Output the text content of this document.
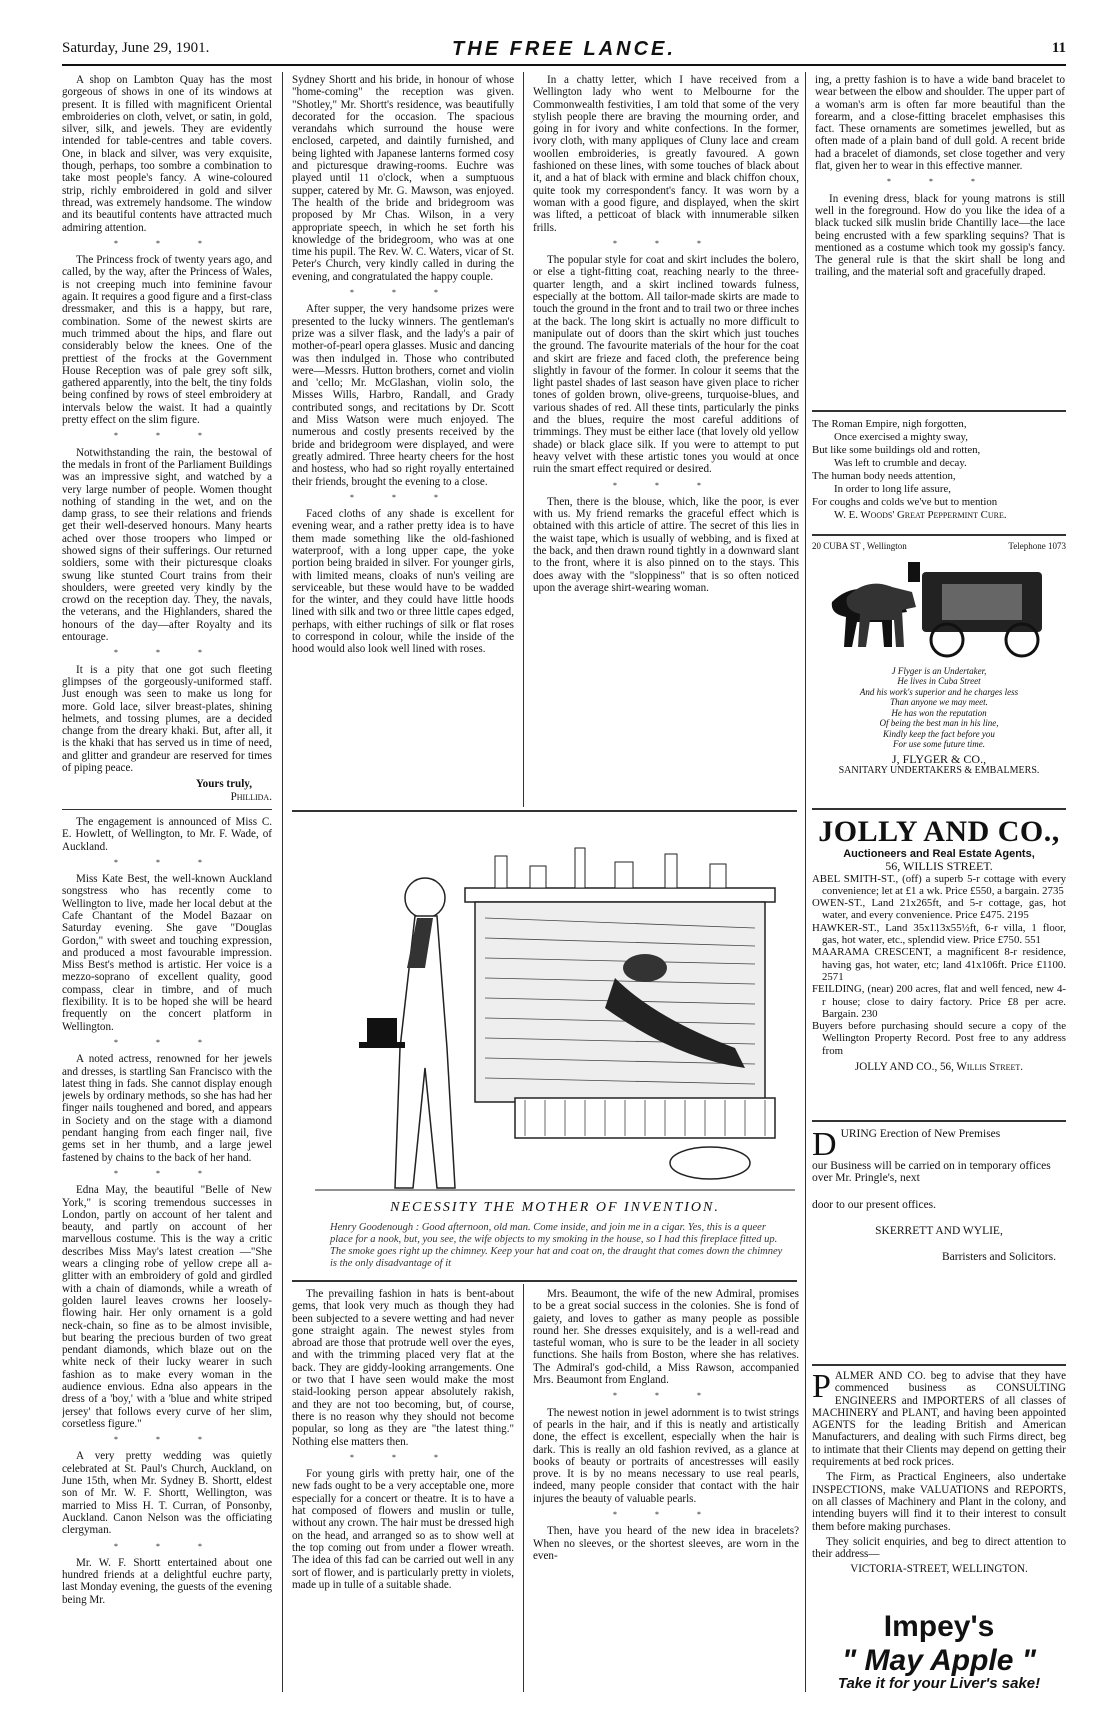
Saturday, June 29, 1901.	THE FREE LANCE.	11

A shop on Lambton Quay has the most gorgeous of shows in one of its windows at present. It is filled with magnificent Oriental embroideries on cloth, velvet, or satin, in gold, silver, silk, and jewels. They are evidently intended for table-centres and table covers. One, in black and silver, was very exquisite, though, perhaps, too sombre a combination to take most people's fancy. A wine-coloured strip, richly embroidered in gold and silver thread, was extremely handsome. The window and its beautiful contents have attracted much admiring attention.

* * *

The Princess frock of twenty years ago, and called, by the way, after the Princess of Wales, is not creeping much into feminine favour again. It requires a good figure and a first-class dressmaker, and this is a happy, but rare, combination. Some of the newest skirts are much trimmed about the hips, and flare out considerably below the knees. One of the prettiest of the frocks at the Government House Reception was of pale grey soft silk, gathered apparently, into the belt, the tiny folds being confined by rows of steel embroidery at intervals below the waist. It had a quaintly pretty effect on the slim figure.

* * *

Notwithstanding the rain, the bestowal of the medals in front of the Parliament Buildings was an impressive sight, and watched by a very large number of people. Women thought nothing of standing in the wet, and on the damp grass, to see their relations and friends get their well-deserved honours. Many hearts ached over those troopers who limped or showed signs of their sufferings. Our returned soldiers, some with their picturesque cloaks swung like stunted Court trains from their shoulders, were greeted very kindly by the crowd on the reception day. They, the navals, the veterans, and the Highlanders, shared the honours of the day—after Royalty and its entourage.

* * *

It is a pity that one got such fleeting glimpses of the gorgeously-uniformed staff. Just enough was seen to make us long for more. Gold lace, silver breast-plates, shining helmets, and tossing plumes, are a decided change from the dreary khaki. But, after all, it is the khaki that has served us in time of need, and glitter and grandeur are reserved for times of piping peace.

Yours truly,
Phillida.

The engagement is announced of Miss C. E. Howlett, of Wellington, to Mr. F. Wade, of Auckland.

* * *

Miss Kate Best, the well-known Auckland songstress who has recently come to Wellington to live, made her local debut at the Cafe Chantant of the Model Bazaar on Saturday evening. She gave "Douglas Gordon," with sweet and touching expression, and produced a most favourable impression. Miss Best's method is artistic. Her voice is a mezzo-soprano of excellent quality, good compass, clear in timbre, and of much flexibility. It is to be hoped she will be heard frequently on the concert platform in Wellington.

* * *

A noted actress, renowned for her jewels and dresses, is startling San Francisco with the latest thing in fads. She cannot display enough jewels by ordinary methods, so she has had her finger nails toughened and bored, and appears in Society and on the stage with a diamond pendant hanging from each finger nail, five gems set in her thumb, and a large jewel fastened by chains to the back of her hand.

* * *

Edna May, the beautiful "Belle of New York," is scoring tremendous successes in London, partly on account of her talent and beauty, and partly on account of her marvellous costume. This is the way a critic describes Miss May's latest creation —"She wears a clinging robe of yellow crepe all a-glitter with an embroidery of gold and girdled with a chain of diamonds, while a wreath of golden laurel leaves crowns her loosely-flowing hair. Her only ornament is a gold neck-chain, so fine as to be almost invisible, but bearing the precious burden of two great pendant diamonds, which blaze out on the white neck of their lucky wearer in such fashion as to make every woman in the audience envious. Edna also appears in the dress of a 'boy,' with a 'blue and white striped jersey' that follows every curve of her slim, corsetless figure."

* * *

A very pretty wedding was quietly celebrated at St. Paul's Church, Auckland, on June 15th, when Mr. Sydney B. Shortt, eldest son of Mr. W. F. Shortt, Wellington, was married to Miss H. T. Curran, of Ponsonby, Auckland. Canon Nelson was the officiating clergyman.

* * *

Mr. W. F. Shortt entertained about one hundred friends at a delightful euchre party, last Monday evening, the guests of the evening being Mr.

Sydney Shortt and his bride, in honour of whose "home-coming" the reception was given. "Shotley," Mr. Shortt's residence, was beautifully decorated for the occasion. The spacious verandahs which surround the house were enclosed, carpeted, and daintily furnished, and being lighted with Japanese lanterns formed cosy and picturesque drawing-rooms. Euchre was played until 11 o'clock, when a sumptuous supper, catered by Mr. G. Mawson, was enjoyed. The health of the bride and bridegroom was proposed by Mr Chas. Wilson, in a very appropriate speech, in which he set forth his knowledge of the bridegroom, who was at one time his pupil. The Rev. W. C. Waters, vicar of St. Peter's Church, very kindly called in during the evening, and congratulated the happy couple.

* * *

After supper, the very handsome prizes were presented to the lucky winners. The gentleman's prize was a silver flask, and the lady's a pair of mother-of-pearl opera glasses. Music and dancing was then indulged in. Those who contributed were—Messrs. Hutton brothers, cornet and violin and 'cello; Mr. McGlashan, violin solo, the Misses Wills, Harbro, Randall, and Grady contributed songs, and recitations by Dr. Scott and Miss Watson were much enjoyed. The numerous and costly presents received by the bride and bridegroom were displayed, and were greatly admired. Three hearty cheers for the host and hostess, who had so right royally entertained their friends, brought the evening to a close.

* * *

Faced cloths of any shade is excellent for evening wear, and a rather pretty idea is to have them made something like the old-fashioned waterproof, with a long upper cape, the yoke portion being braided in silver. For younger girls, with limited means, cloaks of nun's veiling are serviceable, but these would have to be wadded for the winter, and they could have little hoods lined with silk and two or three little capes edged, perhaps, with either ruchings of silk or flat roses to correspond in colour, while the inside of the hood would also look well lined with roses.

In a chatty letter, which I have received from a Wellington lady who went to Melbourne for the Commonwealth festivities, I am told that some of the very stylish people there are braving the mourning order, and going in for ivory and white confections. In the former, ivory cloth, with many appliques of Cluny lace and cream woollen embroideries, is greatly favoured. A gown fashioned on these lines, with some touches of black about it, and a hat of black with ermine and black chiffon choux, quite took my correspondent's fancy. It was worn by a woman with a good figure, and displayed, when the skirt was lifted, a petticoat of black with innumerable silken frills.

* * *

The popular style for coat and skirt includes the bolero, or else a tight-fitting coat, reaching nearly to the three-quarter length, and a skirt inclined towards fulness, especially at the bottom. All tailor-made skirts are made to touch the ground in the front and to trail two or three inches at the back. The long skirt is actually no more difficult to manipulate out of doors than the skirt which just touches the ground. The favourite materials of the hour for the coat and skirt are frieze and faced cloth, the preference being slightly in favour of the former. In colour it seems that the light pastel shades of last season have given place to richer tones of golden brown, olive-greens, turquoise-blues, and various shades of red. All these tints, particularly the pinks and the blues, require the most careful additions of trimmings. They must be either lace (that lovely old yellow shade) or black glace silk. If you were to attempt to put heavy velvet with these artistic tones you would at once ruin the smart effect required or desired.

* * *

Then, there is the blouse, which, like the poor, is ever with us. My friend remarks the graceful effect which is obtained with this article of attire. The secret of this lies in the waist tape, which is usually of webbing, and is fixed at the back, and then drawn round tightly in a downward slant to the front, where it is also pinned on to the stays. This does away with the "sloppiness" that is so often noticed upon the average shirt-wearing woman.

NECESSITY THE MOTHER OF INVENTION.
Henry Goodenough : Good afternoon, old man. Come inside, and join me in a cigar. Yes, this is a queer place for a nook, but, you see, the wife objects to my smoking in the house, so I had this fireplace fitted up. The smoke goes right up the chimney. Keep your hat and coat on, the draught that comes down the chimney is the only disadvantage of it

The prevailing fashion in hats is bent-about gems, that look very much as though they had been subjected to a severe wetting and had never gone straight again. The newest styles from abroad are those that protrude well over the eyes, and with the trimming placed very flat at the back. They are giddy-looking arrangements. One or two that I have seen would make the most staid-looking person appear absolutely rakish, and they are not too becoming, but, of course, there is no reason why they should not become popular, so long as they are "the latest thing." Nothing else matters then.

* * *

For young girls with pretty hair, one of the new fads ought to be a very acceptable one, more especially for a concert or theatre. It is to have a hat composed of flowers and muslin or tulle, without any crown. The hair must be dressed high on the head, and arranged so as to show well at the top coming out from under a flower wreath. The idea of this fad can be carried out well in any sort of flower, and is particularly pretty in violets, made up in tulle of a suitable shade.

Mrs. Beaumont, the wife of the new Admiral, promises to be a great social success in the colonies. She is fond of gaiety, and loves to gather as many people as possible round her. She dresses exquisitely, and is a well-read and tasteful woman, who is sure to be the leader in all society functions. She hails from Boston, where she has relatives. The Admiral's god-child, a Miss Rawson, accompanied Mrs. Beaumont from England.

* * *

The newest notion in jewel adornment is to twist strings of pearls in the hair, and if this is neatly and artistically done, the effect is excellent, especially when the hair is dark. This is really an old fashion revived, as a glance at books of beauty or portraits of ancestresses will easily prove. It is by no means necessary to use real pearls, indeed, many people consider that contact with the hair injures the beauty of valuable pearls.

* * *

Then, have you heard of the new idea in bracelets? When no sleeves, or the shortest sleeves, are worn in the even-

ing, a pretty fashion is to have a wide band bracelet to wear between the elbow and shoulder. The upper part of a woman's arm is often far more beautiful than the forearm, and a close-fitting bracelet emphasises this fact. These ornaments are sometimes jewelled, but as often made of a plain band of dull gold. A recent bride had a bracelet of diamonds, set close together and very flat, given her to wear in this effective manner.

* * *

In evening dress, black for young matrons is still well in the foreground. How do you like the idea of a black tucked silk muslin bride Chantilly lace—the lace being encrusted with a few sparkling sequins? That is mentioned as a costume which took my gossip's fancy. The general rule is that the skirt shall be long and trailing, and the material soft and gracefully draped.

The Roman Empire, nigh forgotten,
Once exercised a mighty sway,
But like some buildings old and rotten,
Was left to crumble and decay.
The human body needs attention,
In order to long life assure,
For coughs and colds we've but to mention
W. E. Woods' Great Peppermint Cure.
20 CUBA ST , Wellington	Telephone 1073
J Flyger is an Undertaker,
He lives in Cuba Street
And his work's superior and he charges less
Than anyone we may meet.
He has won the reputation
Of being the best man in his line,
Kindly keep the fact before you
For use some future time.
J, FLYGER & CO.,
SANITARY UNDERTAKERS & EMBALMERS.
JOLLY AND CO.,
Auctioneers and Real Estate Agents,
56, WILLIS STREET.

ABEL SMITH-ST., (off) a superb 5-r cottage with every convenience; let at £1 a wk. Price £550, a bargain. 2735

OWEN-ST., Land 21x265ft, and 5-r cottage, gas, hot water, and every convenience. Price £475. 2195

HAWKER-ST., Land 35x113x55½ft, 6-r villa, 1 floor, gas, hot water, etc., splendid view. Price £750. 551

MAARAMA CRESCENT, a magnificent 8-r residence, having gas, hot water, etc; land 41x106ft. Price £1100. 2571

FEILDING, (near) 200 acres, flat and well fenced, new 4-r house; close to dairy factory. Price £8 per acre. Bargain. 230

Buyers before purchasing should secure a copy of the Wellington Property Record. Post free to any address from

JOLLY AND CO., 56, Willis Street.

DURING Erection of New Premises

our Business will be carried on in temporary offices over Mr. Pringle's, next

door to our present offices.

SKERRETT AND WYLIE,

Barristers and Solicitors.

PALMER AND CO. beg to advise that they have commenced business as CONSULTING ENGINEERS and IMPORTERS of all classes of MACHINERY and PLANT, and having been appointed AGENTS for the leading British and American Manufacturers, and dealing with such Firms direct, beg to intimate that their Clients may depend on getting their requirements at bed rock prices.

The Firm, as Practical Engineers, also undertake INSPECTIONS, make VALUATIONS and REPORTS, on all classes of Machinery and Plant in the colony, and intending buyers will find it to their interest to consult them before making purchases.

They solicit enquiries, and beg to direct attention to their address—

VICTORIA-STREET, WELLINGTON.
Impey's
" May Apple "
Take it for your Liver's sake!
